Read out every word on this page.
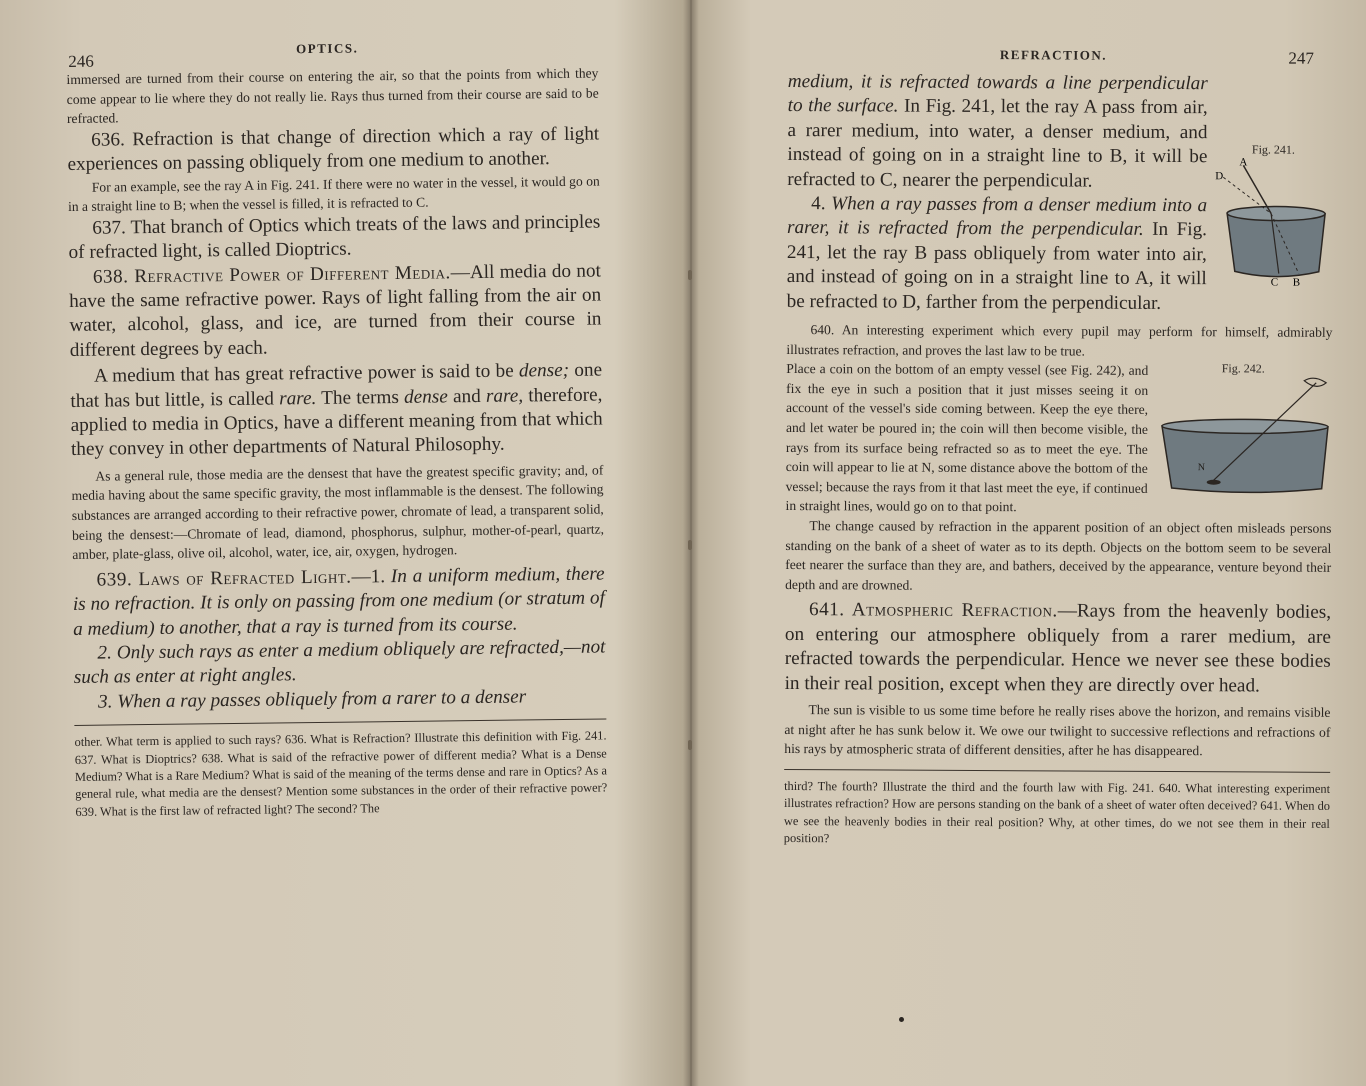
246
OPTICS.

immersed are turned from their course on entering the air, so that the points from which they come appear to lie where they do not really lie. Rays thus turned from their course are said to be refracted.

636. Refraction is that change of direction which a ray of light experiences on passing obliquely from one medium to another.

For an example, see the ray A in Fig. 241. If there were no water in the vessel, it would go on in a straight line to B; when the vessel is filled, it is refracted to C.

637. That branch of Optics which treats of the laws and principles of refracted light, is called Dioptrics.

638. Refractive Power of Different Media.—All media do not have the same refractive power. Rays of light falling from the air on water, alcohol, glass, and ice, are turned from their course in different degrees by each.

A medium that has great refractive power is said to be dense; one that has but little, is called rare. The terms dense and rare, therefore, applied to media in Optics, have a different meaning from that which they convey in other departments of Natural Philosophy.

As a general rule, those media are the densest that have the greatest specific gravity; and, of media having about the same specific gravity, the most inflammable is the densest. The following substances are arranged according to their refractive power, chromate of lead, a transparent solid, being the densest:—Chromate of lead, diamond, phosphorus, sulphur, mother-of-pearl, quartz, amber, plate-glass, olive oil, alcohol, water, ice, air, oxygen, hydrogen.

639. Laws of Refracted Light.—1. In a uniform medium, there is no refraction. It is only on passing from one medium (or stratum of a medium) to another, that a ray is turned from its course.

2. Only such rays as enter a medium obliquely are refracted,—not such as enter at right angles.

3. When a ray passes obliquely from a rarer to a denser

other. What term is applied to such rays? 636. What is Refraction? Illustrate this definition with Fig. 241. 637. What is Dioptrics? 638. What is said of the refractive power of different media? What is a Dense Medium? What is a Rare Medium? What is said of the meaning of the terms dense and rare in Optics? As a general rule, what media are the densest? Mention some substances in the order of their refractive power? 639. What is the first law of refracted light? The second? The

REFRACTION.	247
Fig. 241.
A
D
C B

medium, it is refracted towards a line perpendicular to the surface. In Fig. 241, let the ray A pass from air, a rarer medium, into water, a denser medium, and instead of going on in a straight line to B, it will be refracted to C, nearer the perpendicular.

4. When a ray passes from a denser medium into a rarer, it is refracted from the perpendicular. In Fig. 241, let the ray B pass obliquely from water into air, and instead of going on in a straight line to A, it will be refracted to D, farther from the perpendicular.

640. An interesting experiment which every pupil may perform for himself, admirably illustrates refraction, and proves the last law to be true.

Fig. 242.
N

Place a coin on the bottom of an empty vessel (see Fig. 242), and fix the eye in such a position that it just misses seeing it on account of the vessel's side coming between. Keep the eye there, and let water be poured in; the coin will then become visible, the rays from its surface being refracted so as to meet the eye. The coin will appear to lie at N, some distance above the bottom of the vessel; because the rays from it that last meet the eye, if continued in straight lines, would go on to that point.

The change caused by refraction in the apparent position of an object often misleads persons standing on the bank of a sheet of water as to its depth. Objects on the bottom seem to be several feet nearer the surface than they are, and bathers, deceived by the appearance, venture beyond their depth and are drowned.

641. Atmospheric Refraction.—Rays from the heavenly bodies, on entering our atmosphere obliquely from a rarer medium, are refracted towards the perpendicular. Hence we never see these bodies in their real position, except when they are directly over head.

The sun is visible to us some time before he really rises above the horizon, and remains visible at night after he has sunk below it. We owe our twilight to successive reflections and refractions of his rays by atmospheric strata of different densities, after he has disappeared.

third? The fourth? Illustrate the third and the fourth law with Fig. 241. 640. What interesting experiment illustrates refraction? How are persons standing on the bank of a sheet of water often deceived? 641. When do we see the heavenly bodies in their real position? Why, at other times, do we not see them in their real position?
